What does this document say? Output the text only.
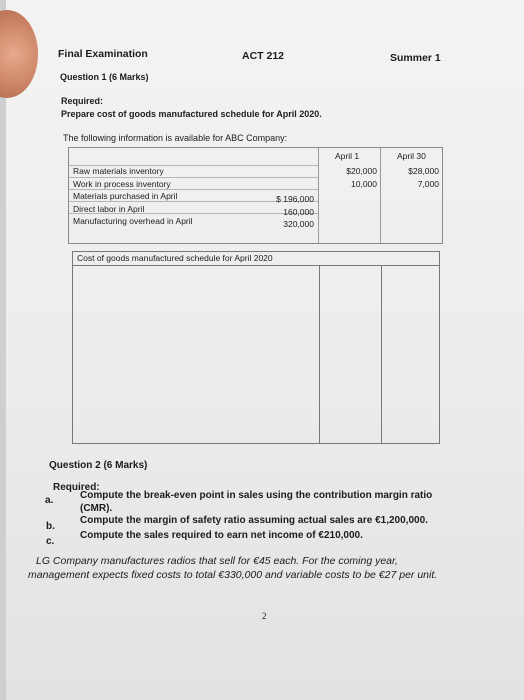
Final Examination	ACT 212	Summer 1
Question 1 (6 Marks)
Required:
Prepare cost of goods manufactured schedule for April 2020.
The following information is available for ABC Company:
April 1	April 30
Raw materials inventory	$20,000	$28,000
Work in process inventory	10,000	7,000
Materials purchased in April	$ 196,000
Direct labor in April	160,000
Manufacturing overhead in April	320,000
Cost of goods manufactured schedule for April 2020
Question 2 (6 Marks)
Required:
a.	Compute the break-even point in sales using the contribution margin ratio
(CMR).
b.
Compute the margin of safety ratio assuming actual sales are €1,200,000.
c.
Compute the sales required to earn net income of €210,000.
LG Company manufactures radios that sell for €45 each. For the coming year,
management expects fixed costs to total €330,000 and variable costs to be €27 per unit.
2
